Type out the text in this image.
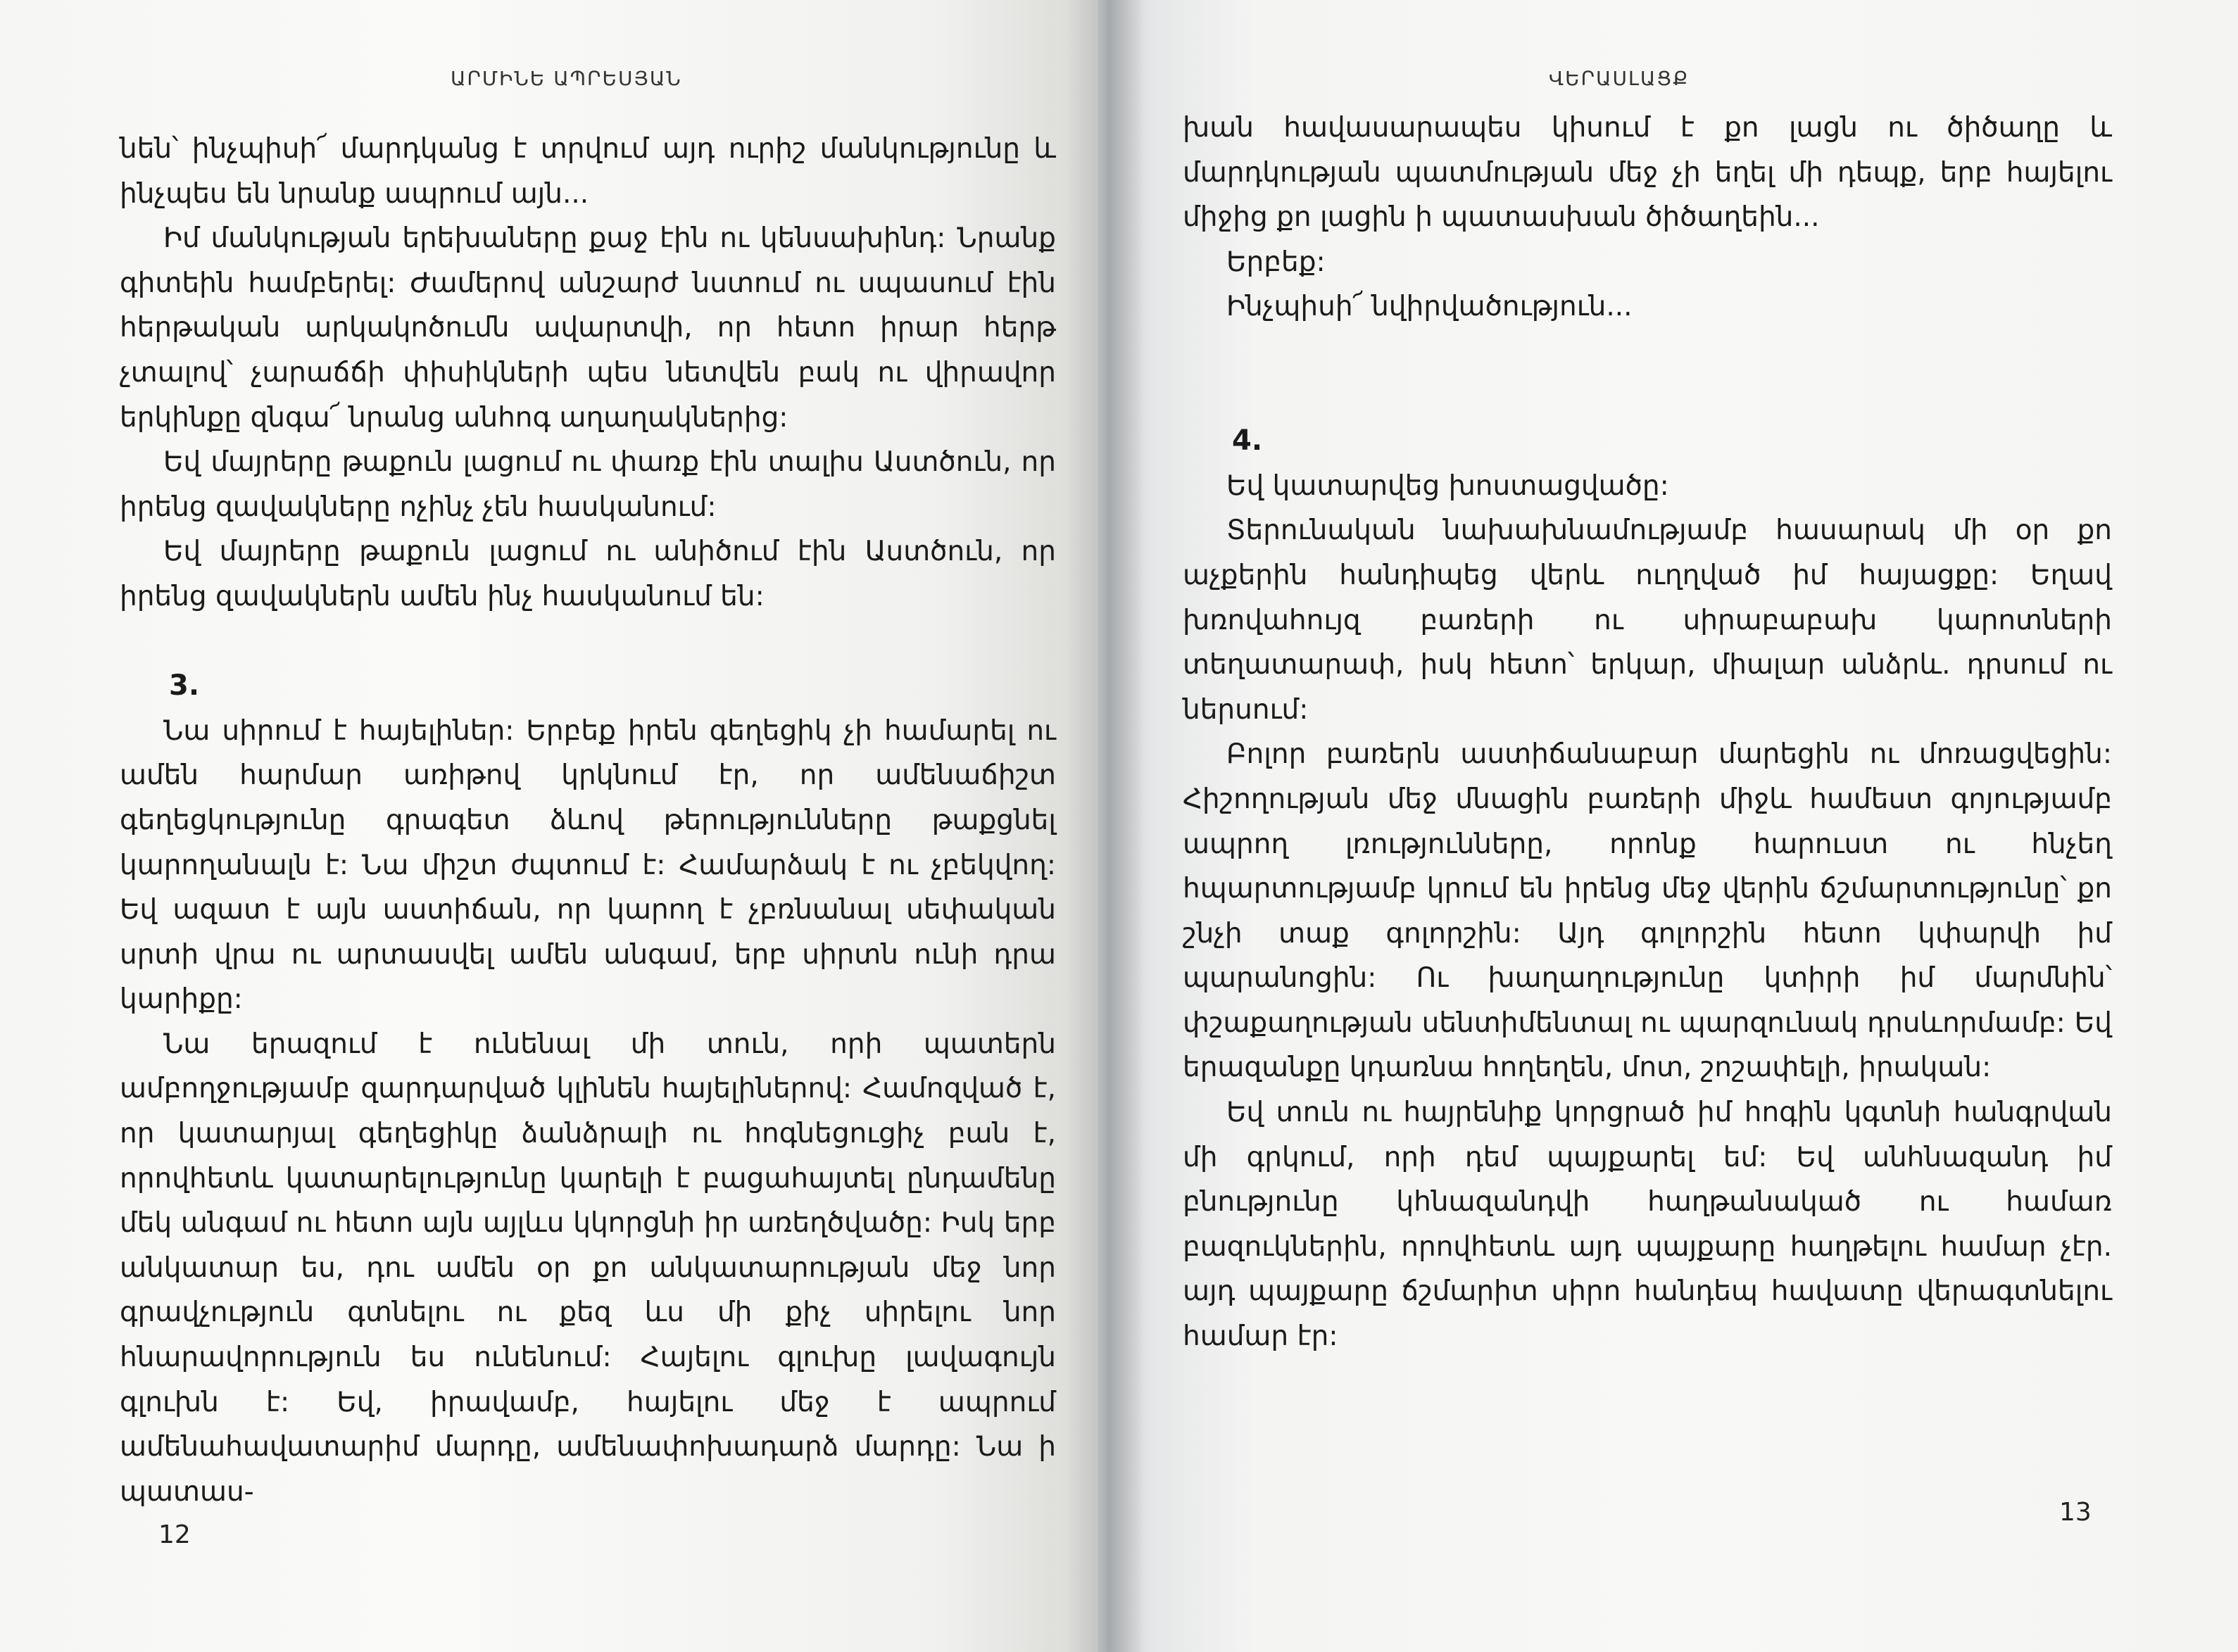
ԱՐՄԻՆԵ ԱՊՐԵՍՅԱՆ

նեն՝ ինչպիսի՜ մարդկանց է տրվում այդ ուրիշ մանկությունը և ինչպես են նրանք ապրում այն...

Իմ մանկության երեխաները քաջ էին ու կենսախինդ: Նրանք գիտեին համբերել: Ժամերով անշարժ նստում ու սպասում էին հերթական արկակոծումն ավարտվի, որ հետո իրար հերթ չտալով՝ չարաճճի փիսիկների պես նետվեն բակ ու վիրավոր երկինքը զնգա՜ նրանց անհոգ աղաղակներից:

Եվ մայրերը թաքուն լացում ու փառք էին տալիս Աստծուն, որ իրենց զավակները ոչինչ չեն հասկանում:

Եվ մայրերը թաքուն լացում ու անիծում էին Աստծուն, որ իրենց զավակներն ամեն ինչ հասկանում են:

3.

Նա սիրում է հայելիներ: Երբեք իրեն գեղեցիկ չի համարել ու ամեն հարմար առիթով կրկնում էր, որ ամենաճիշտ գեղեցկությունը գրագետ ձևով թերությունները թաքցնել կարողանալն է: Նա միշտ ժպտում է: Համարձակ է ու չբեկվող: Եվ ազատ է այն աստիճան, որ կարող է չբռնանալ սեփական սրտի վրա ու արտասվել ամեն անգամ, երբ սիրտն ունի դրա կարիքը:

Նա երազում է ունենալ մի տուն, որի պատերն ամբողջությամբ զարդարված կլինեն հայելիներով: Համոզված է, որ կատարյալ գեղեցիկը ձանձրալի ու հոգնեցուցիչ բան է, որովհետև կատարելությունը կարելի է բացահայտել ընդամենը մեկ անգամ ու հետո այն այլևս կկորցնի իր առեղծվածը: Իսկ երբ անկատար ես, դու ամեն օր քո անկատարության մեջ նոր գրավչություն գտնելու ու քեզ ևս մի քիչ սիրելու նոր հնարավորություն ես ունենում: Հայելու գլուխը լավագույն գլուխն է: Եվ, իրավամբ, հայելու մեջ է ապրում ամենահավատարիմ մարդը, ամենափոխադարձ մարդը: Նա ի պատաս-

12
ՎԵՐԱՍԼԱՑՔ

խան հավասարապես կիսում է քո լացն ու ծիծաղը և մարդկության պատմության մեջ չի եղել մի դեպք, երբ հայելու միջից քո լացին ի պատասխան ծիծաղեին...

Երբեք:

Ինչպիսի՜ նվիրվածություն...

4.

Եվ կատարվեց խոստացվածը:

Տերունական նախախնամությամբ հասարակ մի օր քո աչքերին հանդիպեց վերև ուղղված իմ հայացքը: Եղավ խռովահույզ բառերի ու սիրաբաբախ կարոտների տեղատարափ, իսկ հետո՝ երկար, միալար անձրև. դրսում ու ներսում:

Բոլոր բառերն աստիճանաբար մարեցին ու մոռացվեցին: Հիշողության մեջ մնացին բառերի միջև համեստ գոյությամբ ապրող լռությունները, որոնք հարուստ ու հնչեղ հպարտությամբ կրում են իրենց մեջ վերին ճշմարտությունը՝ քո շնչի տաք գոլորշին: Այդ գոլորշին հետո կփարվի իմ պարանոցին: Ու խաղաղությունը կտիրի իմ մարմնին՝ փշաքաղության սենտիմենտալ ու պարզունակ դրսևորմամբ: Եվ երազանքը կդառնա հողեղեն, մոտ, շոշափելի, իրական:

Եվ տուն ու հայրենիք կորցրած իմ հոգին կգտնի հանգրվան մի գրկում, որի դեմ պայքարել եմ: Եվ անհնազանդ իմ բնությունը կհնազանդվի հաղթանակած ու համառ բազուկներին, որովհետև այդ պայքարը հաղթելու համար չէր. այդ պայքարը ճշմարիտ սիրո հանդեպ հավատը վերագտնելու համար էր:

13
